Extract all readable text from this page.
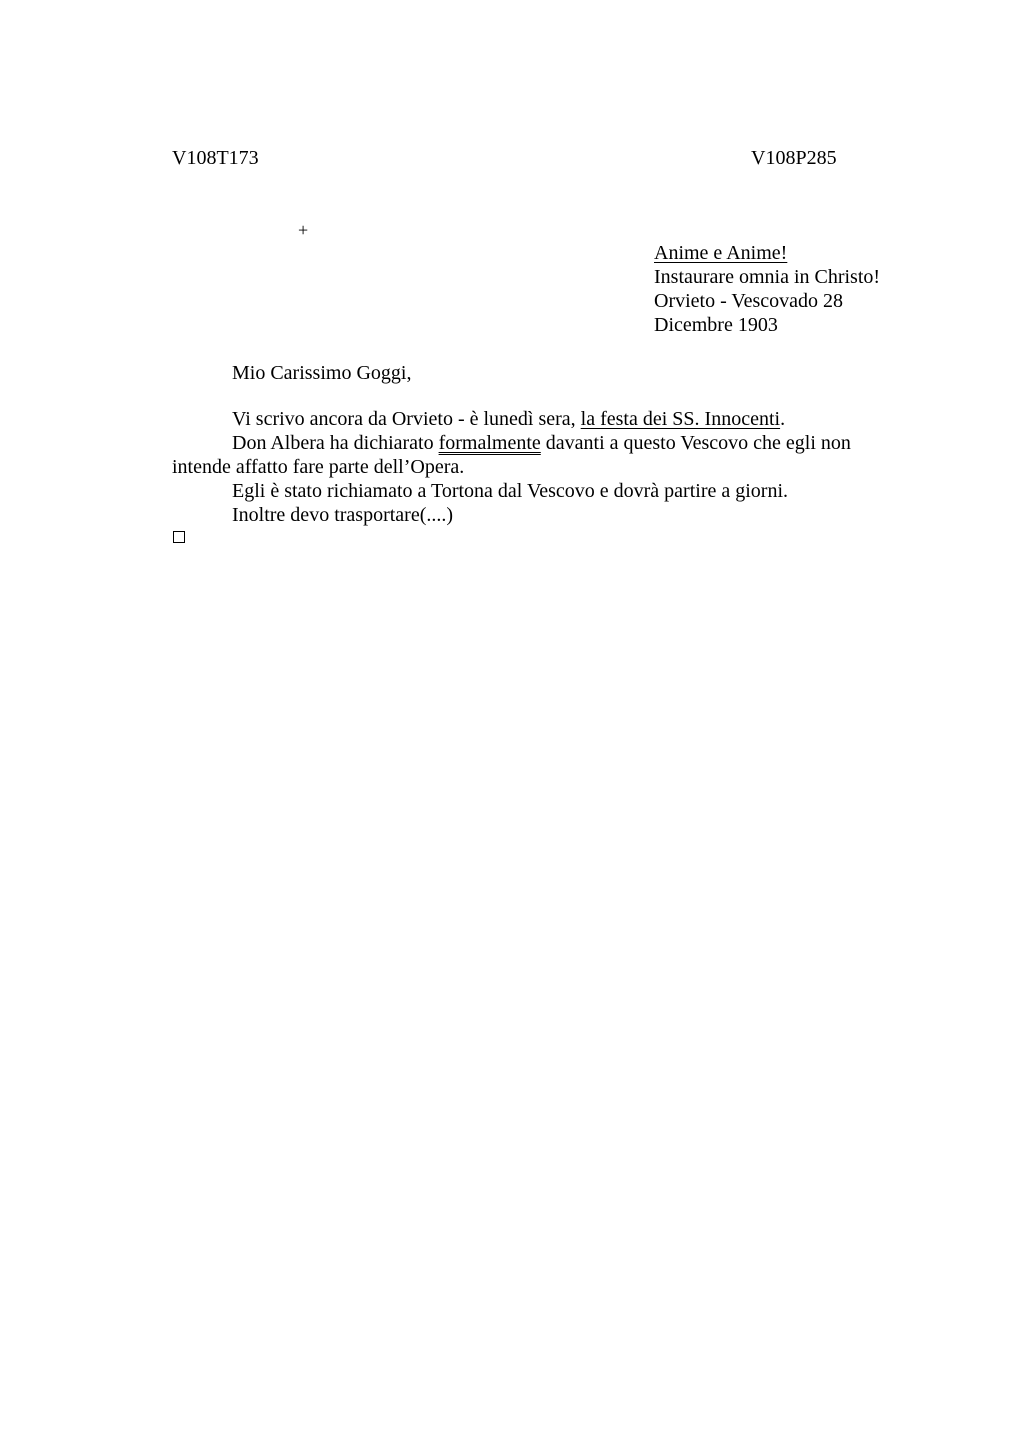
V108T173	V108P285
+
Anime e Anime!
Instaurare omnia in Christo!
Orvieto - Vescovado 28
Dicembre 1903
Mio Carissimo Goggi,

Vi scrivo ancora da Orvieto - è lunedì sera, la festa dei SS. Innocenti.

Don Albera ha dichiarato formalmente davanti a questo Vescovo che egli non intende affatto fare parte dell’Opera.

Egli è stato richiamato a Tortona dal Vescovo e dovrà partire a giorni.

Inoltre devo trasportare(....)
